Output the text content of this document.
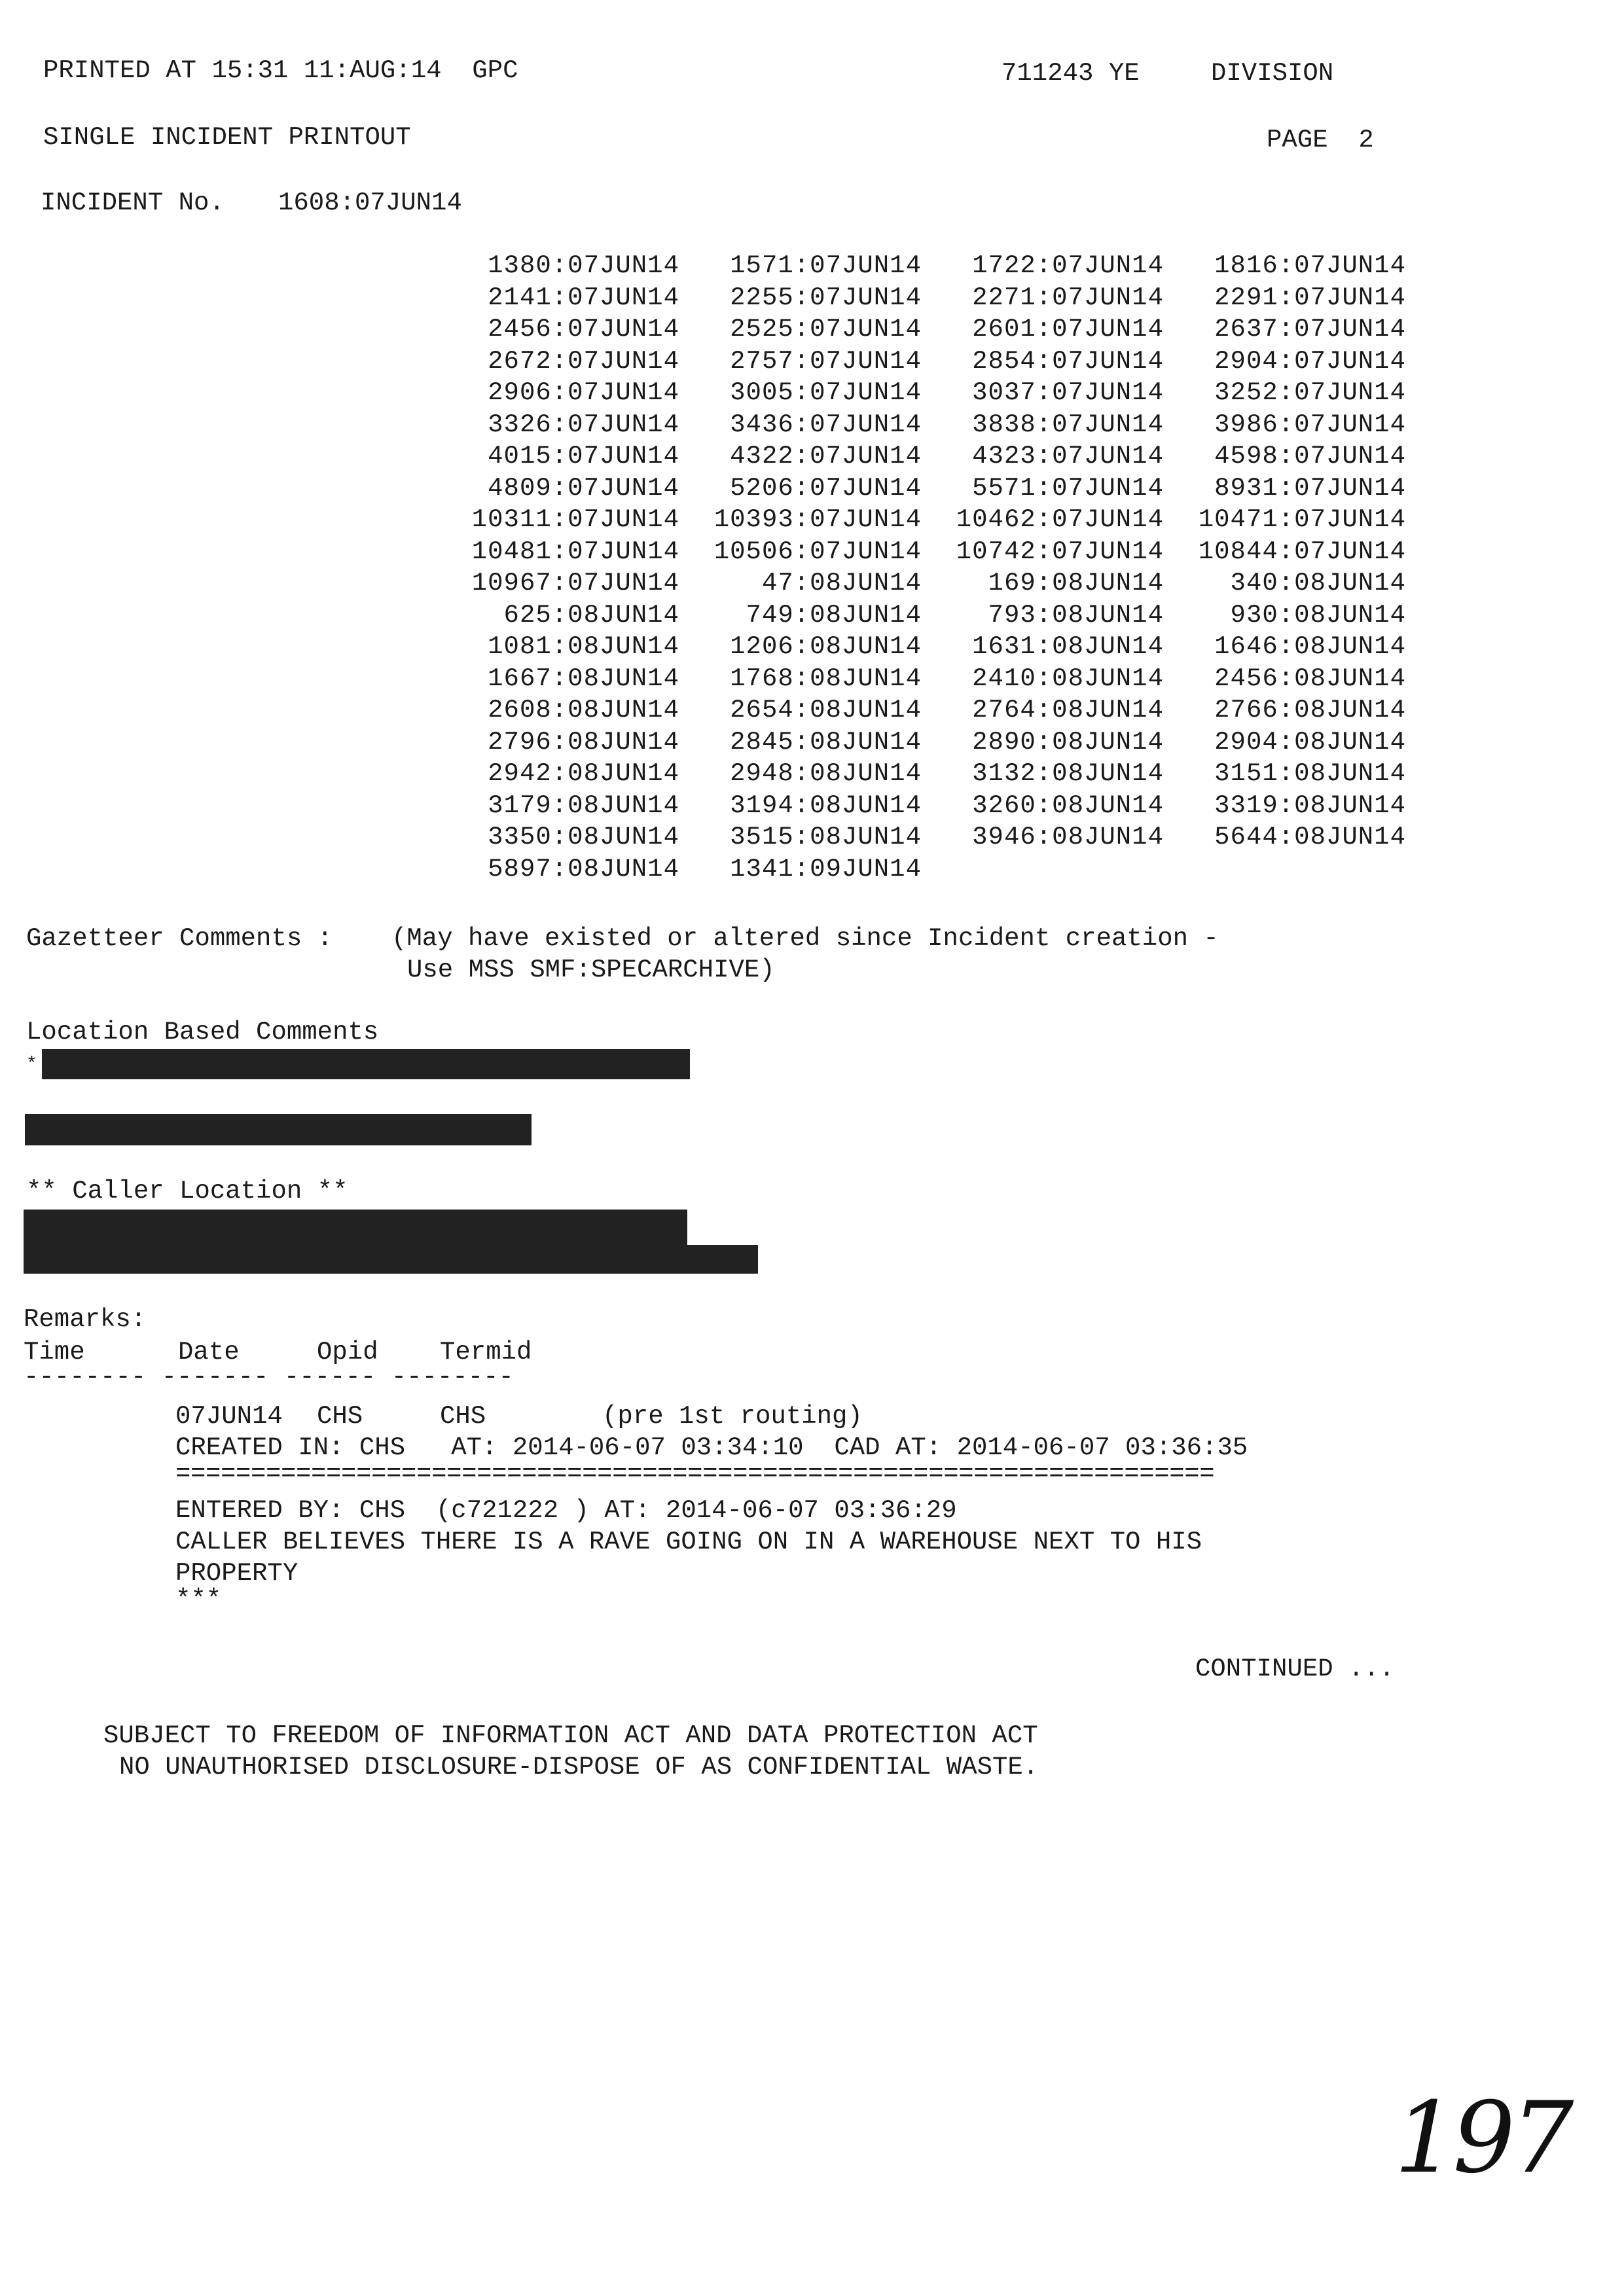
PRINTED AT 15:31 11:AUG:14  GPC	711243 YE	DIVISION
SINGLE INCIDENT PRINTOUT	PAGE  2
INCIDENT No. 1608:07JUN14
1380:07JUN14	1571:07JUN14	1722:07JUN14	1816:07JUN14
2141:07JUN14	2255:07JUN14	2271:07JUN14	2291:07JUN14
2456:07JUN14	2525:07JUN14	2601:07JUN14	2637:07JUN14
2672:07JUN14	2757:07JUN14	2854:07JUN14	2904:07JUN14
2906:07JUN14	3005:07JUN14	3037:07JUN14	3252:07JUN14
3326:07JUN14	3436:07JUN14	3838:07JUN14	3986:07JUN14
4015:07JUN14	4322:07JUN14	4323:07JUN14	4598:07JUN14
4809:07JUN14	5206:07JUN14	5571:07JUN14	8931:07JUN14
10311:07JUN14	10393:07JUN14	10462:07JUN14	10471:07JUN14
10481:07JUN14	10506:07JUN14	10742:07JUN14	10844:07JUN14
10967:07JUN14	47:08JUN14	169:08JUN14	340:08JUN14
625:08JUN14	749:08JUN14	793:08JUN14	930:08JUN14
1081:08JUN14	1206:08JUN14	1631:08JUN14	1646:08JUN14
1667:08JUN14	1768:08JUN14	2410:08JUN14	2456:08JUN14
2608:08JUN14	2654:08JUN14	2764:08JUN14	2766:08JUN14
2796:08JUN14	2845:08JUN14	2890:08JUN14	2904:08JUN14
2942:08JUN14	2948:08JUN14	3132:08JUN14	3151:08JUN14
3179:08JUN14	3194:08JUN14	3260:08JUN14	3319:08JUN14
3350:08JUN14	3515:08JUN14	3946:08JUN14	5644:08JUN14
5897:08JUN14	1341:09JUN14
Gazetteer Comments : (May have existed or altered since Incident creation -
Use MSS SMF:SPECARCHIVE)
Location Based Comments
*
** Caller Location **
Remarks:
Time	Date	Opid Termid
-------- ------- ------ --------
07JUN14 CHS	CHS	(pre 1st routing)
CREATED IN: CHS   AT: 2014-06-07 03:34:10  CAD AT: 2014-06-07 03:36:35
=====================================================================
ENTERED BY: CHS  (c721222 ) AT: 2014-06-07 03:36:29
CALLER BELIEVES THERE IS A RAVE GOING ON IN A WAREHOUSE NEXT TO HIS
PROPERTY
***
CONTINUED ...
SUBJECT TO FREEDOM OF INFORMATION ACT AND DATA PROTECTION ACT
NO UNAUTHORISED DISCLOSURE-DISPOSE OF AS CONFIDENTIAL WASTE.
197
